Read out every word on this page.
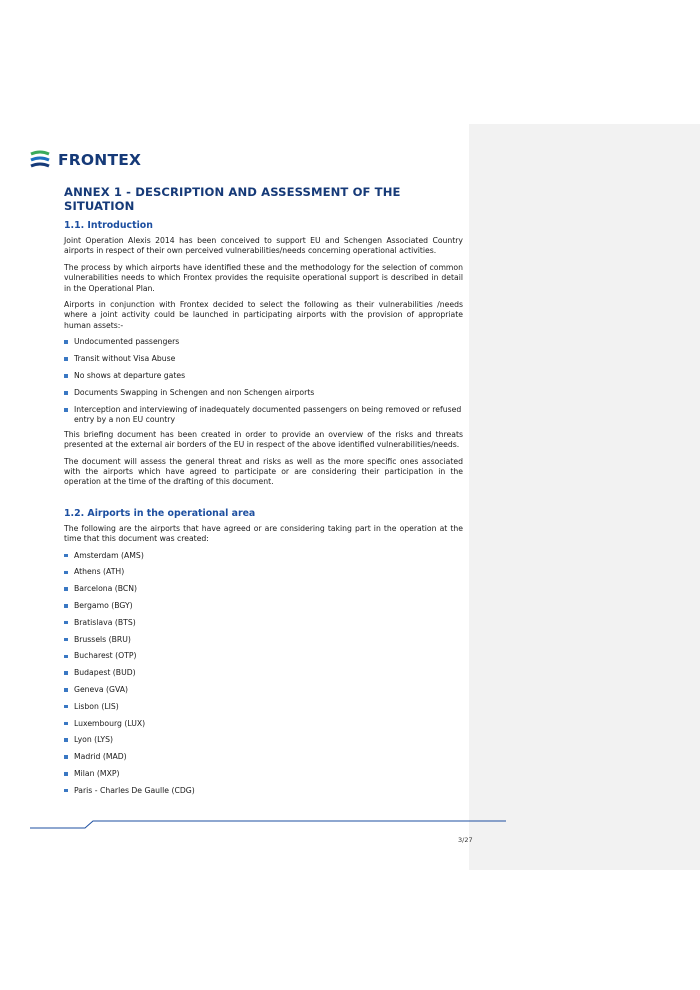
FRONTEX
ANNEX 1 - DESCRIPTION AND ASSESSMENT OF THE SITUATION
1.1. Introduction

Joint Operation Alexis 2014 has been conceived to support EU and Schengen Associated Country airports in respect of their own perceived vulnerabilities/needs concerning operational activities.

The process by which airports have identified these and the methodology for the selection of common vulnerabilities needs to which Frontex provides the requisite operational support is described in detail in the Operational Plan.

Airports in conjunction with Frontex decided to select the following as their vulnerabilities /needs where a joint activity could be launched in participating airports with the provision of appropriate human assets:-

Undocumented passengers
Transit without Visa Abuse
No shows at departure gates
Documents Swapping in Schengen and non Schengen airports
Interception and interviewing of inadequately documented passengers on being removed or refused entry by a non EU country

This briefing document has been created in order to provide an overview of the risks and threats presented at the external air borders of the EU in respect of the above identified vulnerabilities/needs.

The document will assess the general threat and risks as well as the more specific ones associated with the airports which have agreed to participate or are considering their participation in the operation at the time of the drafting of this document.

1.2. Airports in the operational area

The following are the airports that have agreed or are considering taking part in the operation at the time that this document was created:

Amsterdam (AMS)
Athens (ATH)
Barcelona (BCN)
Bergamo (BGY)
Bratislava (BTS)
Brussels (BRU)
Bucharest (OTP)
Budapest (BUD)
Geneva (GVA)
Lisbon (LIS)
Luxembourg (LUX)
Lyon (LYS)
Madrid (MAD)
Milan (MXP)
Paris - Charles De Gaulle (CDG)
3/27
